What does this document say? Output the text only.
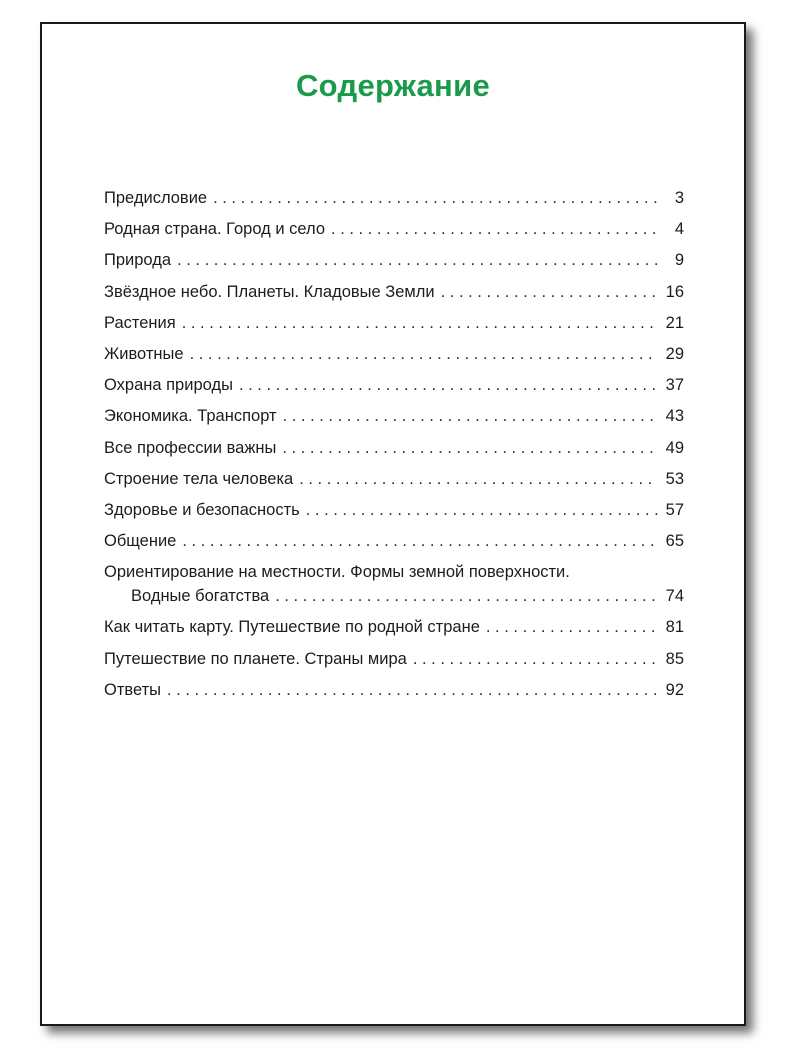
Содержание
Предисловие . . .	3
Родная страна. Город и село . . .	4
Природа . . .	9
Звёздное небо. Планеты. Кладовые Земли . . .	16
Растения . . .	21
Животные . . .	29
Охрана природы . . .	37
Экономика. Транспорт . . .	43
Все профессии важны . . .	49
Строение тела человека . . .	53
Здоровье и безопасность . . .	57
Общение . . .	65
Ориентирование на местности. Формы земной поверхности.
Водные богатства . . .	74
Как читать карту. Путешествие по родной стране . . .	81
Путешествие по планете. Страны мира . . .	85
Ответы . . .	92
